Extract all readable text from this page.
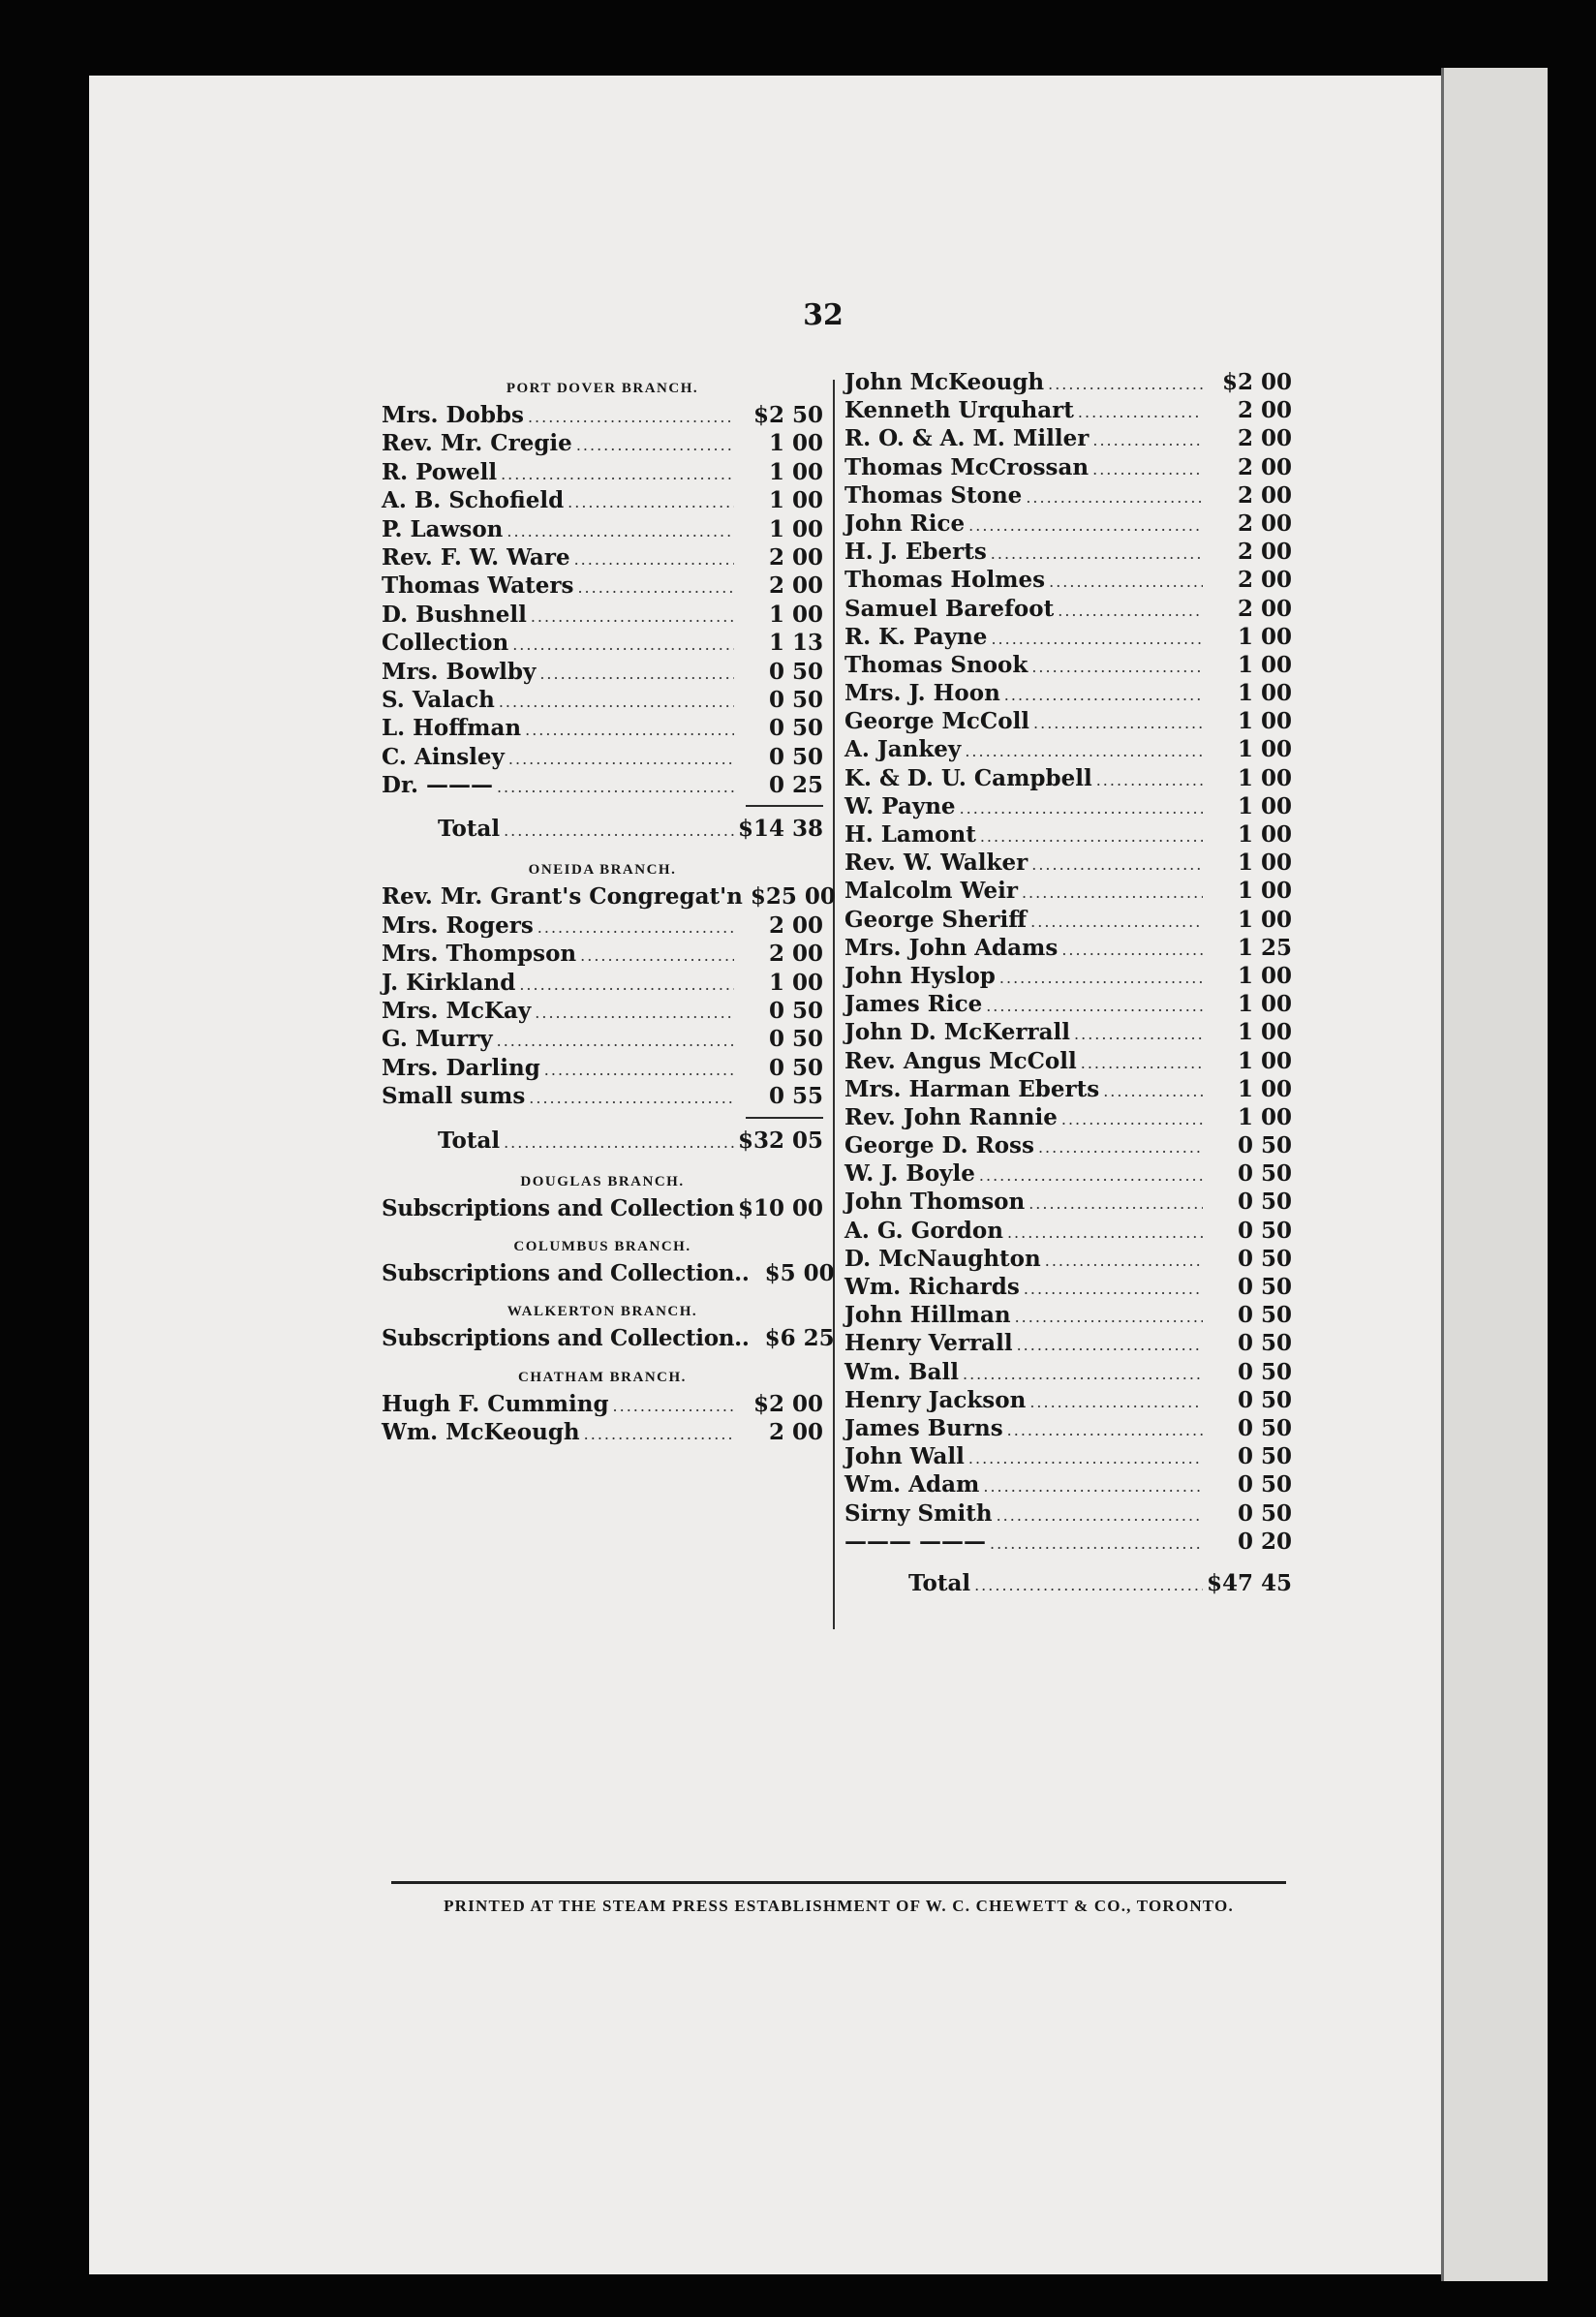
32
PORT DOVER BRANCH.
Mrs. Dobbs .....	$2 50
Rev. Mr. Cregie .....	1 00
R. Powell .....	1 00
A. B. Schofield .....	1 00
P. Lawson .....	1 00
Rev. F. W. Ware .....	2 00
Thomas Waters .....	2 00
D. Bushnell .....	1 00
Collection .....	1 13
Mrs. Bowlby .....	0 50
S. Valach .....	0 50
L. Hoffman .....	0 50
C. Ainsley .....	0 50
Dr. ——— .....	0 25
Total .....	$14 38
ONEIDA BRANCH.
Rev. Mr. Grant's Congregat'n $25 00
Mrs. Rogers .....	2 00
Mrs. Thompson .....	2 00
J. Kirkland .....	1 00
Mrs. McKay .....	0 50
G. Murry .....	0 50
Mrs. Darling .....	0 50
Small sums .....	0 55
Total .....	$32 05
DOUGLAS BRANCH.
Subscriptions and Collection $10 00
COLUMBUS BRANCH.
Subscriptions and Collection.. $5 00
WALKERTON BRANCH.
Subscriptions and Collection.. $6 25
CHATHAM BRANCH.
Hugh F. Cumming .....	$2 00
Wm. McKeough .....	2 00
John McKeough .....	$2 00
Kenneth Urquhart .....	2 00
R. O. & A. M. Miller .....	2 00
Thomas McCrossan .....	2 00
Thomas Stone .....	2 00
John Rice .....	2 00
H. J. Eberts .....	2 00
Thomas Holmes .....	2 00
Samuel Barefoot .....	2 00
R. K. Payne .....	1 00
Thomas Snook .....	1 00
Mrs. J. Hoon .....	1 00
George McColl .....	1 00
A. Jankey .....	1 00
K. & D. U. Campbell .....	1 00
W. Payne .....	1 00
H. Lamont .....	1 00
Rev. W. Walker .....	1 00
Malcolm Weir .....	1 00
George Sheriff .....	1 00
Mrs. John Adams .....	1 25
John Hyslop .....	1 00
James Rice .....	1 00
John D. McKerrall .....	1 00
Rev. Angus McColl .....	1 00
Mrs. Harman Eberts .....	1 00
Rev. John Rannie .....	1 00
George D. Ross .....	0 50
W. J. Boyle .....	0 50
John Thomson .....	0 50
A. G. Gordon .....	0 50
D. McNaughton .....	0 50
Wm. Richards .....	0 50
John Hillman .....	0 50
Henry Verrall .....	0 50
Wm. Ball .....	0 50
Henry Jackson .....	0 50
James Burns .....	0 50
John Wall .....	0 50
Wm. Adam .....	0 50
Sirny Smith .....	0 50
——— ——— .....	0 20
Total .....	$47 45
PRINTED AT THE STEAM PRESS ESTABLISHMENT OF W. C. CHEWETT & CO., TORONTO.
